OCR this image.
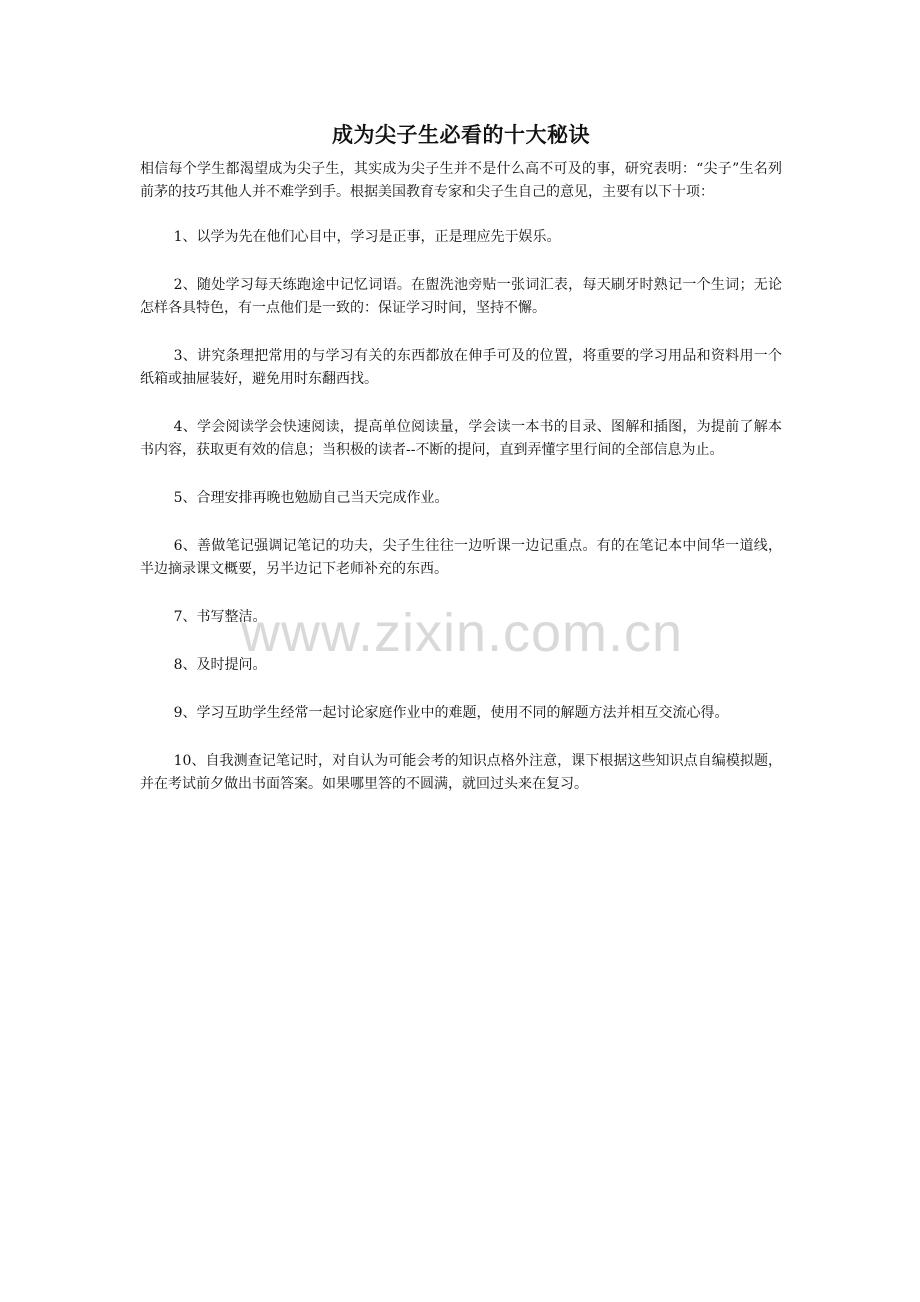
www.zixin.com.cn
成为尖子生必看的十大秘诀

相信每个学生都渴望成为尖子生，其实成为尖子生并不是什么高不可及的事，研究表明：“尖子”生名列前茅的技巧其他人并不难学到手。根据美国教育专家和尖子生自己的意见，主要有以下十项：

1、以学为先在他们心目中，学习是正事，正是理应先于娱乐。

2、随处学习每天练跑途中记忆词语。在盥洗池旁贴一张词汇表，每天刷牙时熟记一个生词；无论怎样各具特色，有一点他们是一致的：保证学习时间，坚持不懈。

3、讲究条理把常用的与学习有关的东西都放在伸手可及的位置，将重要的学习用品和资料用一个纸箱或抽屉装好，避免用时东翻西找。

4、学会阅读学会快速阅读，提高单位阅读量，学会读一本书的目录、图解和插图，为提前了解本书内容，获取更有效的信息；当积极的读者--不断的提问，直到弄懂字里行间的全部信息为止。

5、合理安排再晚也勉励自己当天完成作业。

6、善做笔记强调记笔记的功夫，尖子生往往一边听课一边记重点。有的在笔记本中间华一道线，半边摘录课文概要，另半边记下老师补充的东西。

7、书写整洁。

8、及时提问。

9、学习互助学生经常一起讨论家庭作业中的难题，使用不同的解题方法并相互交流心得。

10、自我测查记笔记时，对自认为可能会考的知识点格外注意，课下根据这些知识点自编模拟题，并在考试前夕做出书面答案。如果哪里答的不圆满，就回过头来在复习。
